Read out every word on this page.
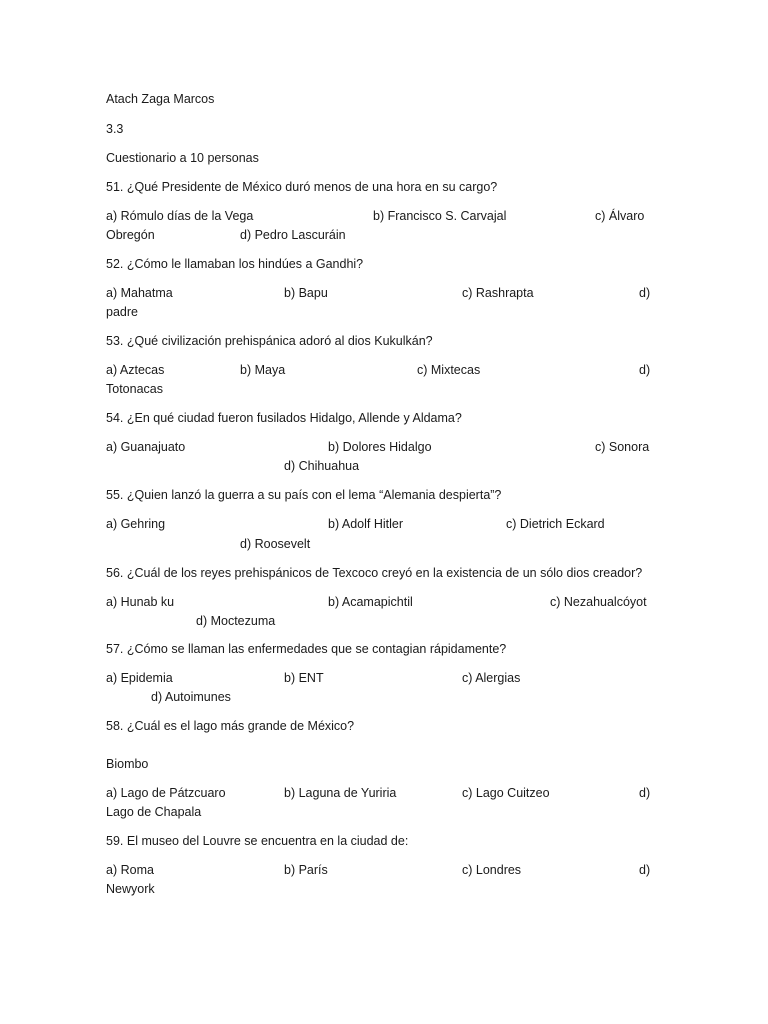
Atach Zaga Marcos
3.3
Cuestionario a 10 personas
51. ¿Qué Presidente de México duró menos de una hora en su cargo?
a) Rómulo días de la Vega	b) Francisco S. Carvajal	c) Álvaro
Obregón	d) Pedro Lascuráin
52. ¿Cómo le llamaban los hindúes a Gandhi?
a) Mahatma	b) Bapu	c) Rashrapta	d)
padre
53. ¿Qué civilización prehispánica adoró al dios Kukulkán?
a) Aztecas	b) Maya	c) Mixtecas	d)
Totonacas
54. ¿En qué ciudad fueron fusilados Hidalgo, Allende y Aldama?
a) Guanajuato	b) Dolores Hidalgo	c) Sonora
d) Chihuahua
55. ¿Quien lanzó la guerra a su país con el lema “Alemania despierta”?
a) Gehring	b) Adolf Hitler	c) Dietrich Eckard
d) Roosevelt
56. ¿Cuál de los reyes prehispánicos de Texcoco creyó en la existencia de un sólo dios creador?
a) Hunab ku	b) Acamapichtil	c) Nezahualcóyot
d) Moctezuma
57. ¿Cómo se llaman las enfermedades que se contagian rápidamente?
a) Epidemia	b) ENT	c) Alergias
d) Autoimunes
58. ¿Cuál es el lago más grande de México?
Biombo
a) Lago de Pátzcuaro	b) Laguna de Yuriria	c) Lago Cuitzeo	d)
Lago de Chapala
59. El museo del Louvre se encuentra en la ciudad de:
a) Roma	b) París	c) Londres	d)
Newyork
